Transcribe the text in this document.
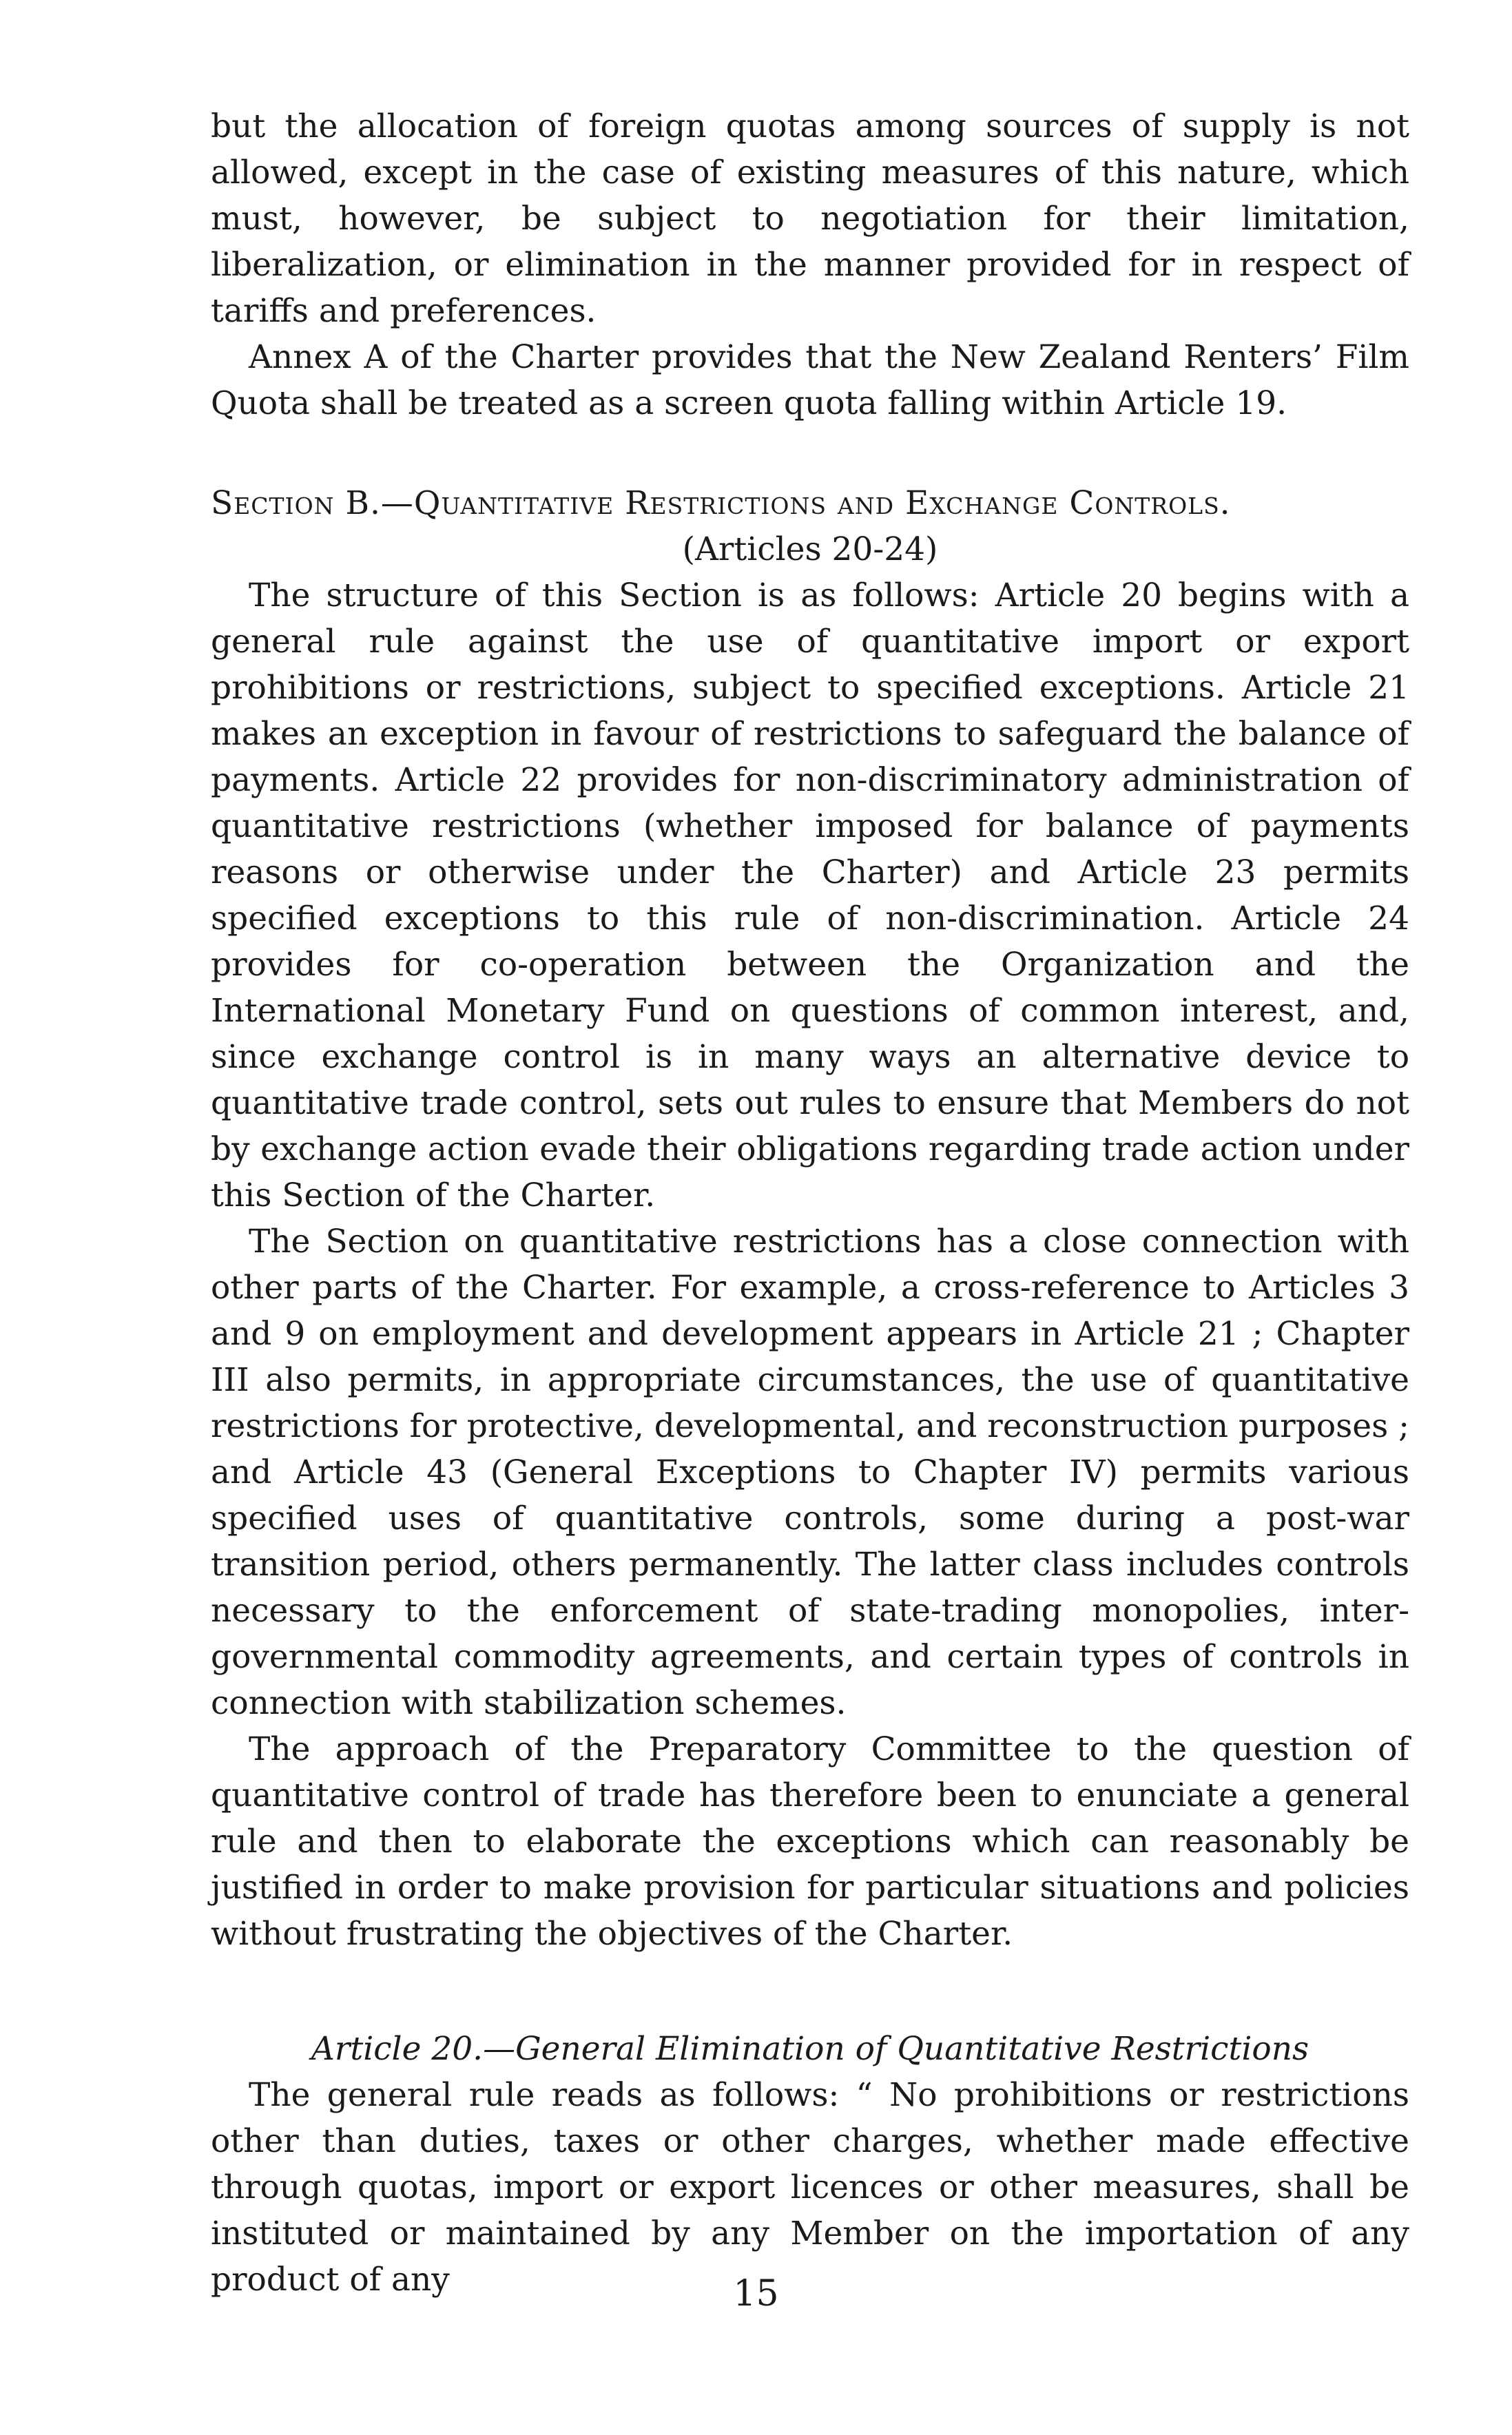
but the allocation of foreign quotas among sources of supply is not allowed, except in the case of existing measures of this nature, which must, however, be subject to negotiation for their limitation, liberalization, or elimination in the manner provided for in respect of tariffs and preferences.

Annex A of the Charter provides that the New Zealand Renters’ Film Quota shall be treated as a screen quota falling within Article 19.

Section B.—Quantitative Restrictions and Exchange Controls.
(Articles 20-24)

The structure of this Section is as follows: Article 20 begins with a general rule against the use of quantitative import or export prohibitions or restrictions, subject to specified exceptions. Article 21 makes an exception in favour of restrictions to safeguard the balance of payments. Article 22 provides for non-discriminatory administration of quantitative restrictions (whether imposed for balance of payments reasons or otherwise under the Charter) and Article 23 permits specified exceptions to this rule of non-discrimination. Article 24 provides for co-operation between the Organization and the International Monetary Fund on questions of common interest, and, since exchange control is in many ways an alternative device to quantitative trade control, sets out rules to ensure that Members do not by exchange action evade their obligations regarding trade action under this Section of the Charter.

The Section on quantitative restrictions has a close connection with other parts of the Charter. For example, a cross-reference to Articles 3 and 9 on employment and development appears in Article 21 ; Chapter III also permits, in appropriate circumstances, the use of quantitative restrictions for protective, developmental, and reconstruction purposes ; and Article 43 (General Exceptions to Chapter IV) permits various specified uses of quantitative controls, some during a post-war transition period, others permanently. The latter class includes controls necessary to the enforcement of state-trading monopolies, inter-governmental commodity agreements, and certain types of controls in connection with stabilization schemes.

The approach of the Preparatory Committee to the question of quantitative control of trade has therefore been to enunciate a general rule and then to elaborate the exceptions which can reasonably be justified in order to make provision for particular situations and policies without frustrating the objectives of the Charter.

Article 20.—General Elimination of Quantitative Restrictions

The general rule reads as follows: “ No prohibitions or restrictions other than duties, taxes or other charges, whether made effective through quotas, import or export licences or other measures, shall be instituted or maintained by any Member on the importation of any product of any	15
